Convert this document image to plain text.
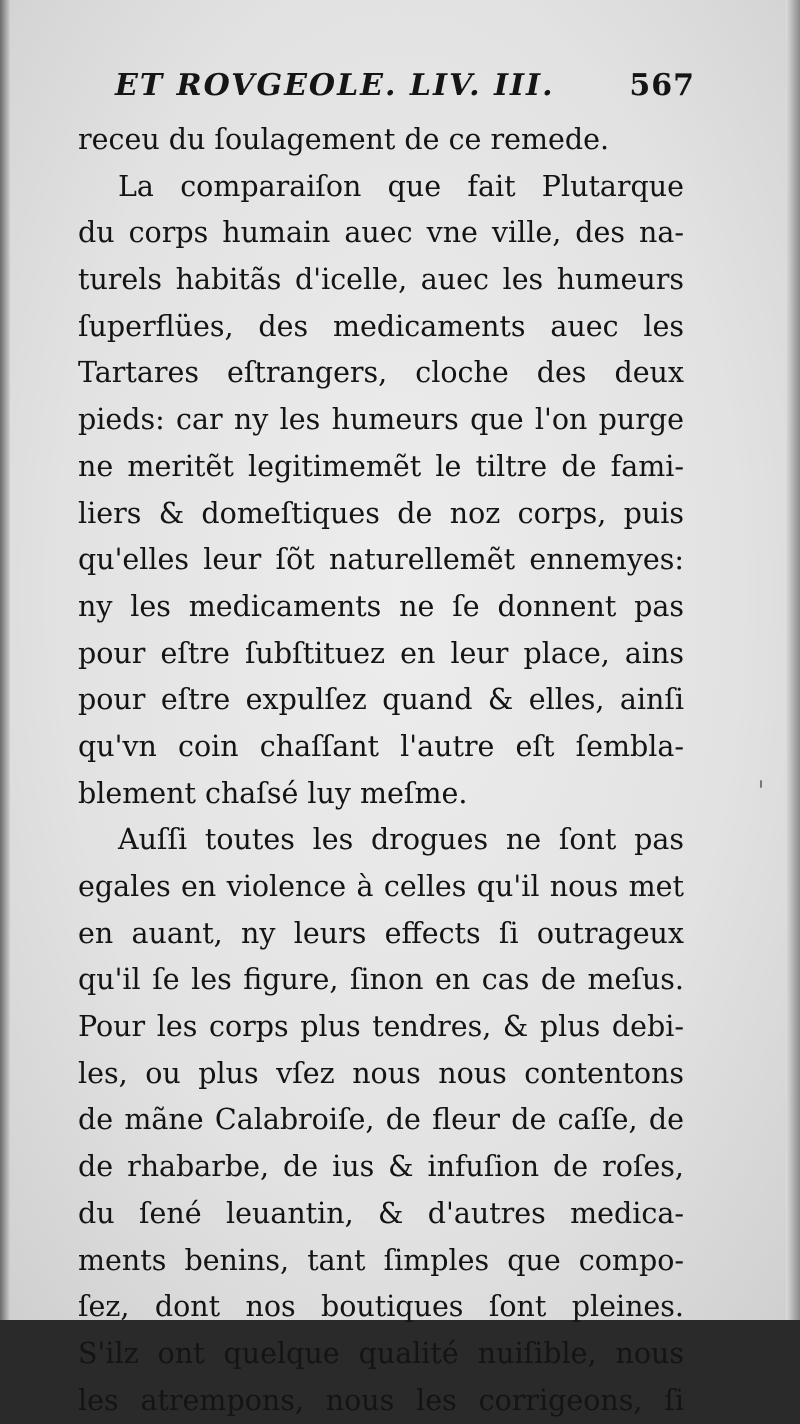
ET ROVGEOLE. LIV. III. 567
receu du ſoulagement de ce remede.
La comparaiſon que fait Plutarque
du corps humain auec vne ville, des na-
turels habitãs d'icelle, auec les humeurs
ſuperflües, des medicaments auec les
Tartares eſtrangers, cloche des deux
pieds: car ny les humeurs que l'on purge
ne meritẽt legitimemẽt le tiltre de fami-
liers & domeſtiques de noz corps, puis
qu'elles leur ſõt naturellemẽt ennemyes:
ny les medicaments ne ſe donnent pas
pour eſtre ſubſtituez en leur place, ains
pour eſtre expulſez quand & elles, ainſi
qu'vn coin chaſſant l'autre eſt ſembla-
blement chaſsé luy meſme.
Auſſi toutes les drogues ne ſont pas
egales en violence à celles qu'il nous met
en auant, ny leurs effects ſi outrageux
qu'il ſe les figure, ſinon en cas de meſus.
Pour les corps plus tendres, & plus debi-
les, ou plus vſez nous nous contentons
de mãne Calabroiſe, de fleur de caſſe, de
de rhabarbe, de ius & infuſion de roſes,
du ſené leuantin, & d'autres medica-
ments benins, tant ſimples que compo-
ſez, dont nos boutiques ſont pleines.
S'ilz ont quelque qualité nuiſible, nous
les atrempons, nous les corrigeons, ſi
